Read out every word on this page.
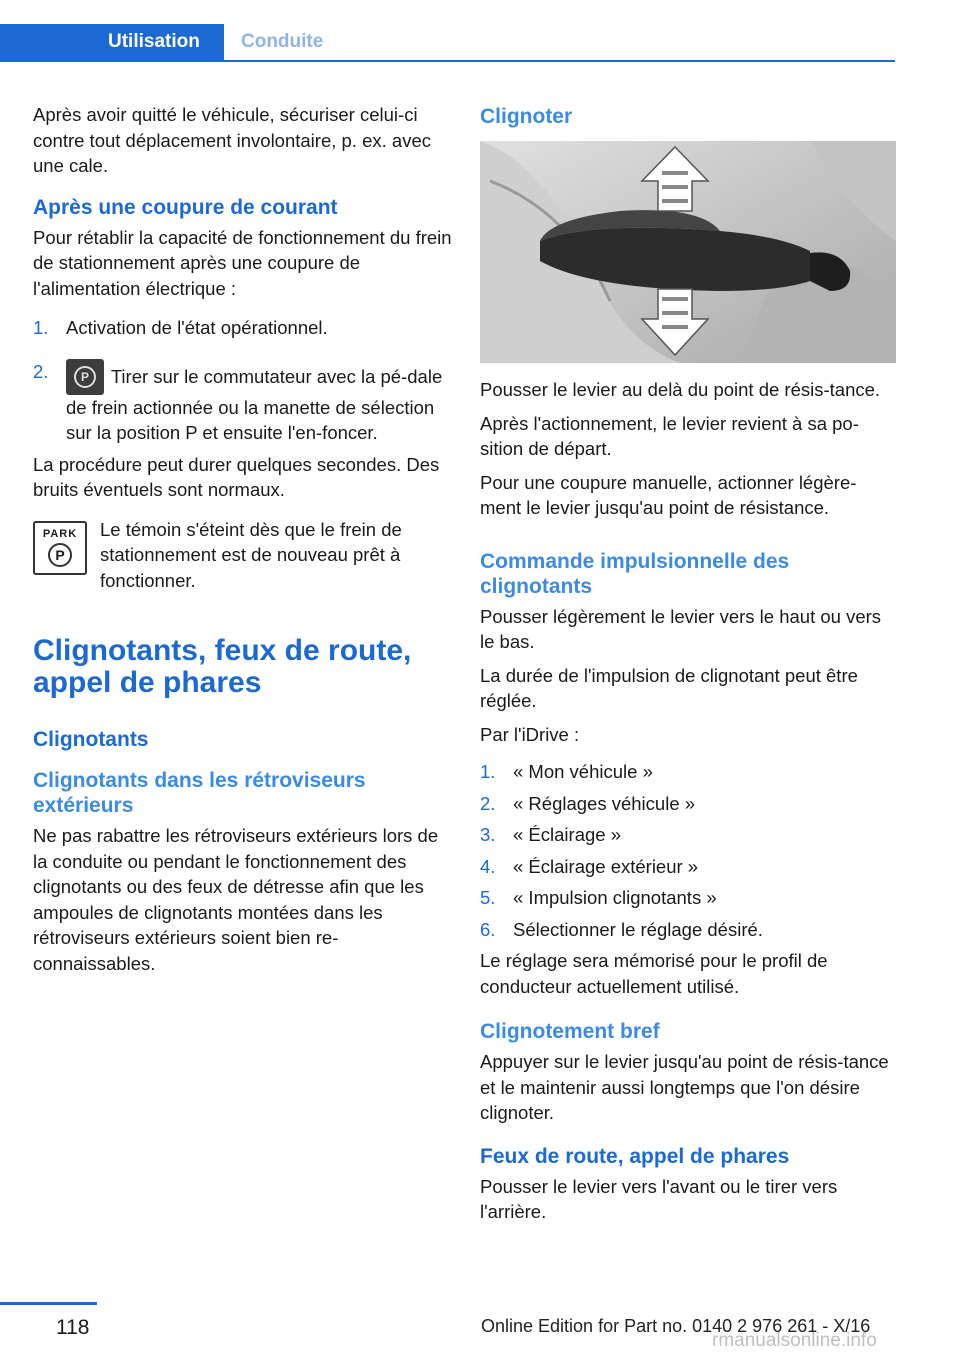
Utilisation	Conduite

Après avoir quitté le véhicule, sécuriser celui-ci contre tout déplacement involontaire, p. ex. avec une cale.

Après une coupure de courant

Pour rétablir la capacité de fonctionnement du frein de stationnement après une coupure de l'alimentation électrique :

1. Activation de l'état opérationnel.
2.	P	Tirer sur le commutateur avec la pé‐dale de frein actionnée ou la manette de sélection sur la position P et ensuite l'en‐foncer.

La procédure peut durer quelques secondes. Des bruits éventuels sont normaux.

PARK
P

Le témoin s'éteint dès que le frein de stationnement est de nouveau prêt à fonctionner.

Clignotants, feux de route, appel de phares
Clignotants
Clignotants dans les rétroviseurs extérieurs

Ne pas rabattre les rétroviseurs extérieurs lors de la conduite ou pendant le fonctionnement des clignotants ou des feux de détresse afin que les ampoules de clignotants montées dans les rétroviseurs extérieurs soient bien re‐connaissables.

Clignoter

Pousser le levier au delà du point de résis‐tance.

Après l'actionnement, le levier revient à sa po‐sition de départ.

Pour une coupure manuelle, actionner légère‐ment le levier jusqu'au point de résistance.

Commande impulsionnelle des clignotants

Pousser légèrement le levier vers le haut ou vers le bas.

La durée de l'impulsion de clignotant peut être réglée.

Par l'iDrive :

1. « Mon véhicule »
2. « Réglages véhicule »
3. « Éclairage »
4. « Éclairage extérieur »
5. « Impulsion clignotants »
6. Sélectionner le réglage désiré.

Le réglage sera mémorisé pour le profil de conducteur actuellement utilisé.

Clignotement bref

Appuyer sur le levier jusqu'au point de résis‐tance et le maintenir aussi longtemps que l'on désire clignoter.

Feux de route, appel de phares

Pousser le levier vers l'avant ou le tirer vers l'arrière.

118	Online Edition for Part no. 0140 2 976 261 - X/16
rmanualsonline.info
